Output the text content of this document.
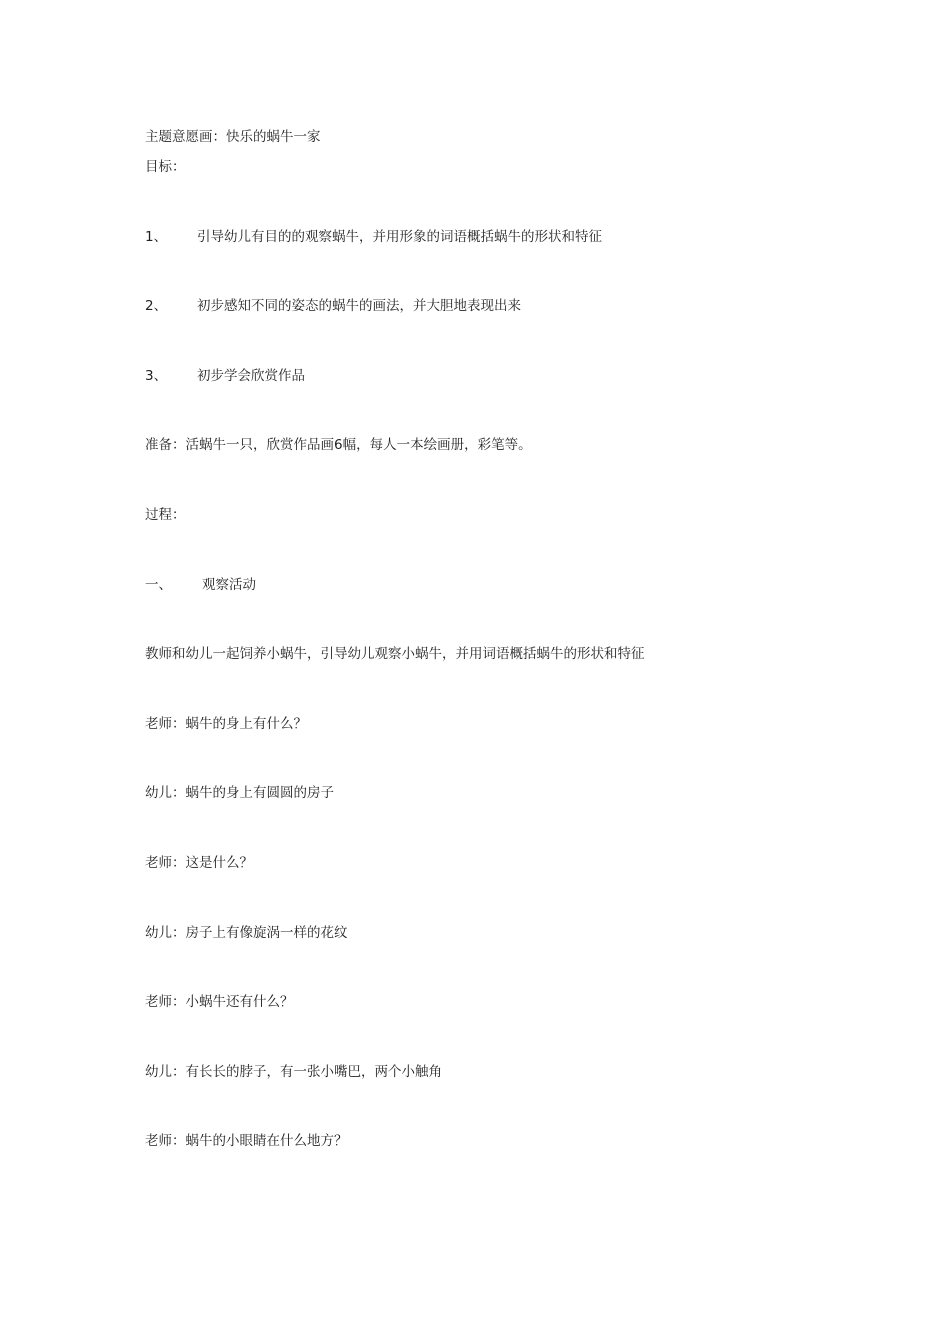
主题意愿画：快乐的蜗牛一家
目标：
1、 引导幼儿有目的的观察蜗牛，并用形象的词语概括蜗牛的形状和特征
2、 初步感知不同的姿态的蜗牛的画法，并大胆地表现出来
3、 初步学会欣赏作品
准备：活蜗牛一只，欣赏作品画6幅，每人一本绘画册，彩笔等。
过程：
一、 观察活动
教师和幼儿一起饲养小蜗牛，引导幼儿观察小蜗牛，并用词语概括蜗牛的形状和特征
老师：蜗牛的身上有什么？
幼儿：蜗牛的身上有圆圆的房子
老师：这是什么？
幼儿：房子上有像旋涡一样的花纹
老师：小蜗牛还有什么？
幼儿：有长长的脖子，有一张小嘴巴，两个小触角
老师：蜗牛的小眼睛在什么地方？
